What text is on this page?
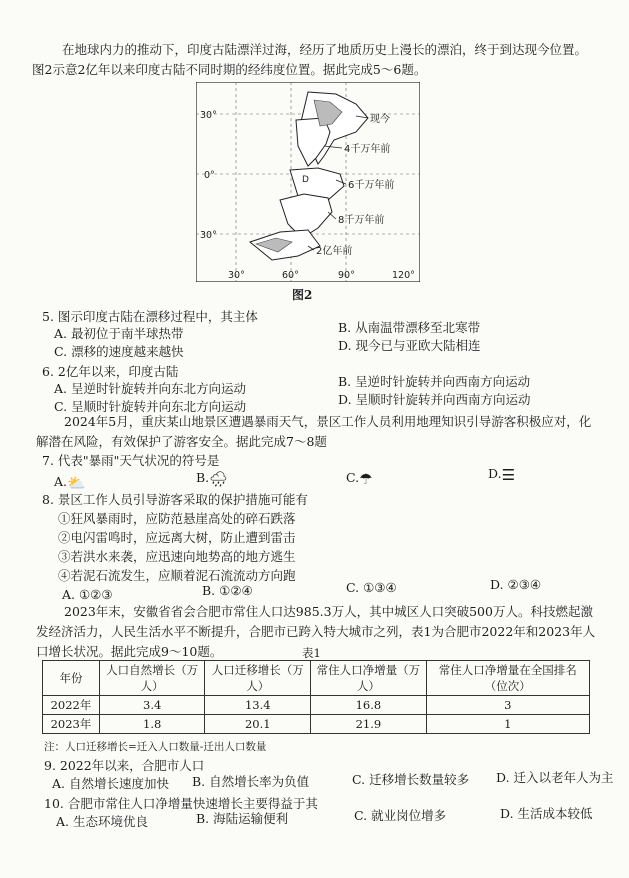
在地球内力的推动下，印度古陆漂洋过海，经历了地质历史上漫长的漂泊，终于到达现今位置。
图2示意2亿年以来印度古陆不同时期的经纬度位置。据此完成5～6题。
30°
0°
30°
30°	60°	90°	120°
现今
4千万年前
6千万年前
8千万年前
2亿年前
D
图2
5. 图示印度古陆在漂移过程中，其主体
A. 最初位于南半球热带	B. 从南温带漂移至北寒带
C. 漂移的速度越来越快	D. 现今已与亚欧大陆相连
6. 2亿年以来，印度古陆
A. 呈逆时针旋转并向东北方向运动	B. 呈逆时针旋转并向西南方向运动
C. 呈顺时针旋转并向东北方向运动	D. 呈顺时针旋转并向西南方向运动
2024年5月，重庆某山地景区遭遇暴雨天气，景区工作人员利用地理知识引导游客积极应对，化解潜在风险，有效保护了游客安全。据此完成7～8题
7. 代表"暴雨"天气状况的符号是
A. ⛅	B. 🌧	C. ☂	D. ☰
8. 景区工作人员引导游客采取的保护措施可能有
①狂风暴雨时，应防范悬崖高处的碎石跌落
②电闪雷鸣时，应远离大树，防止遭到雷击
③若洪水来袭，应迅速向地势高的地方逃生
④若泥石流发生，应顺着泥石流流动方向跑
A. ①②③	B. ①②④	C. ①③④	D. ②③④
2023年末，安徽省省会合肥市常住人口达985.3万人，其中城区人口突破500万人。科技燃起激发经济活力，人民生活水平不断提升，合肥市已跨入特大城市之列，表1为合肥市2022年和2023年人口增长状况。据此完成9～10题。	表1
年份	人口自然增长（万人）	人口迁移增长（万人）	常住人口净增量（万人）	常住人口净增量在全国排名（位次）
2022年	3.4	13.4	16.8	3
2023年	1.8	20.1	21.9	1
注：人口迁移增长=迁入人口数量-迁出人口数量
9. 2022年以来，合肥市人口
A. 自然增长速度加快 B. 自然增长率为负值	C. 迁移增长数量较多 D. 迁入以老年人为主
10. 合肥市常住人口净增量快速增长主要得益于其
A. 生态环境优良	B. 海陆运输便利	C. 就业岗位增多	D. 生活成本较低
